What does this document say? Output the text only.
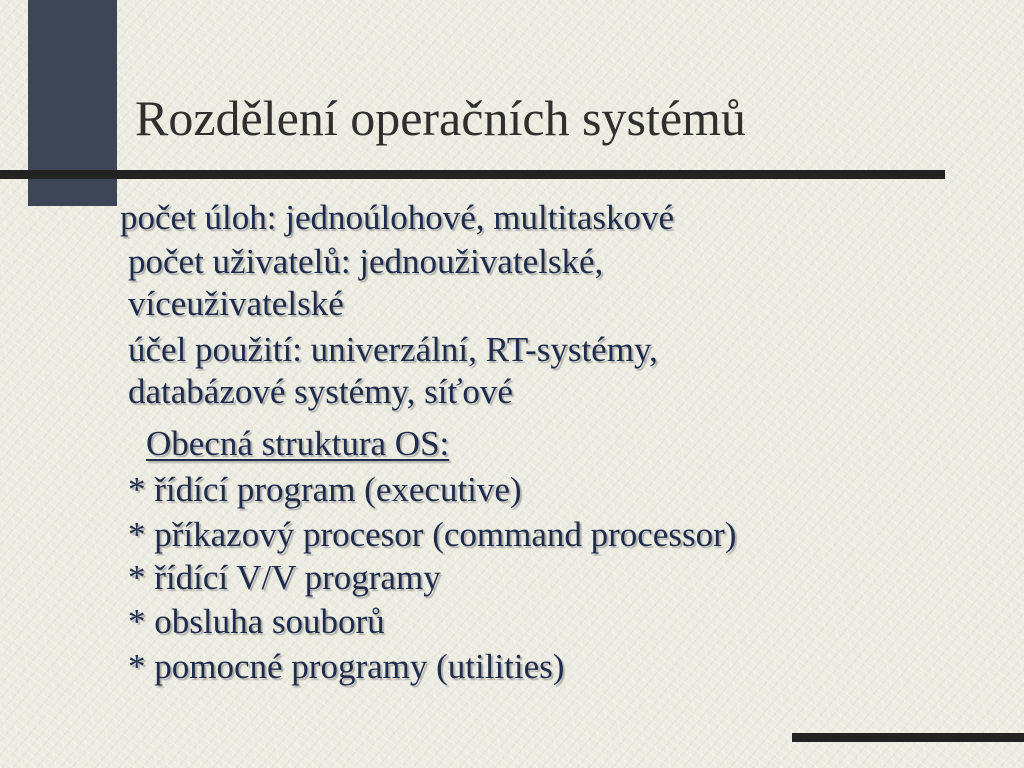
Rozdělení operačních systémů
počet úloh: jednoúlohové, multitaskové
počet uživatelů: jednouživatelské,
víceuživatelské
účel použití: univerzální, RT-systémy,
databázové systémy, síťové
Obecná struktura OS:
* řídící program (executive)
* příkazový procesor (command processor)
* řídící V/V programy
* obsluha souborů
* pomocné programy (utilities)
